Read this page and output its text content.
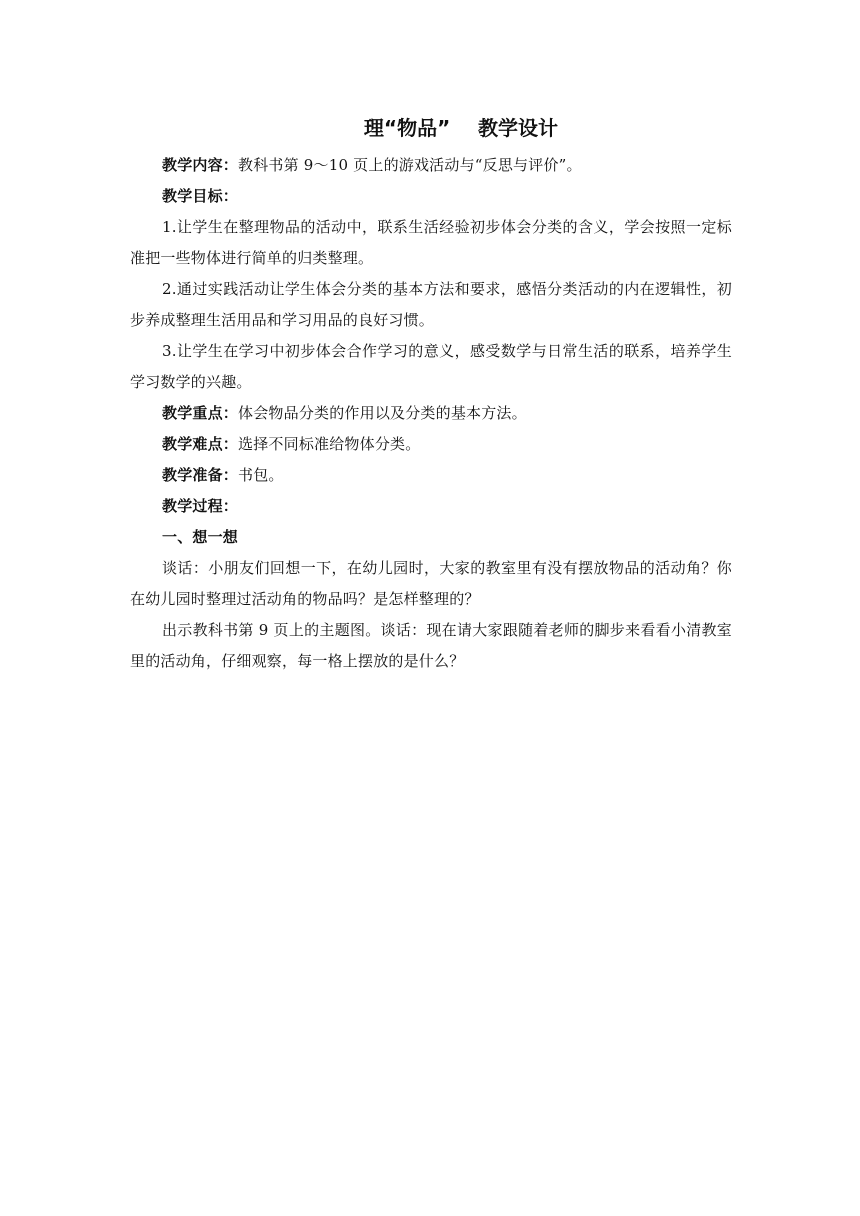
理“物品”    教学设计

教学内容：教科书第 9～10 页上的游戏活动与“反思与评价”。

教学目标：

1.让学生在整理物品的活动中，联系生活经验初步体会分类的含义，学会按照一定标准把一些物体进行简单的归类整理。

2.通过实践活动让学生体会分类的基本方法和要求，感悟分类活动的内在逻辑性，初步养成整理生活用品和学习用品的良好习惯。

3.让学生在学习中初步体会合作学习的意义，感受数学与日常生活的联系，培养学生学习数学的兴趣。

教学重点：体会物品分类的作用以及分类的基本方法。

教学难点：选择不同标准给物体分类。

教学准备：书包。

教学过程：

一、想一想

谈话：小朋友们回想一下，在幼儿园时，大家的教室里有没有摆放物品的活动角？你在幼儿园时整理过活动角的物品吗？是怎样整理的？

出示教科书第 9 页上的主题图。谈话：现在请大家跟随着老师的脚步来看看小清教室里的活动角，仔细观察，每一格上摆放的是什么？
